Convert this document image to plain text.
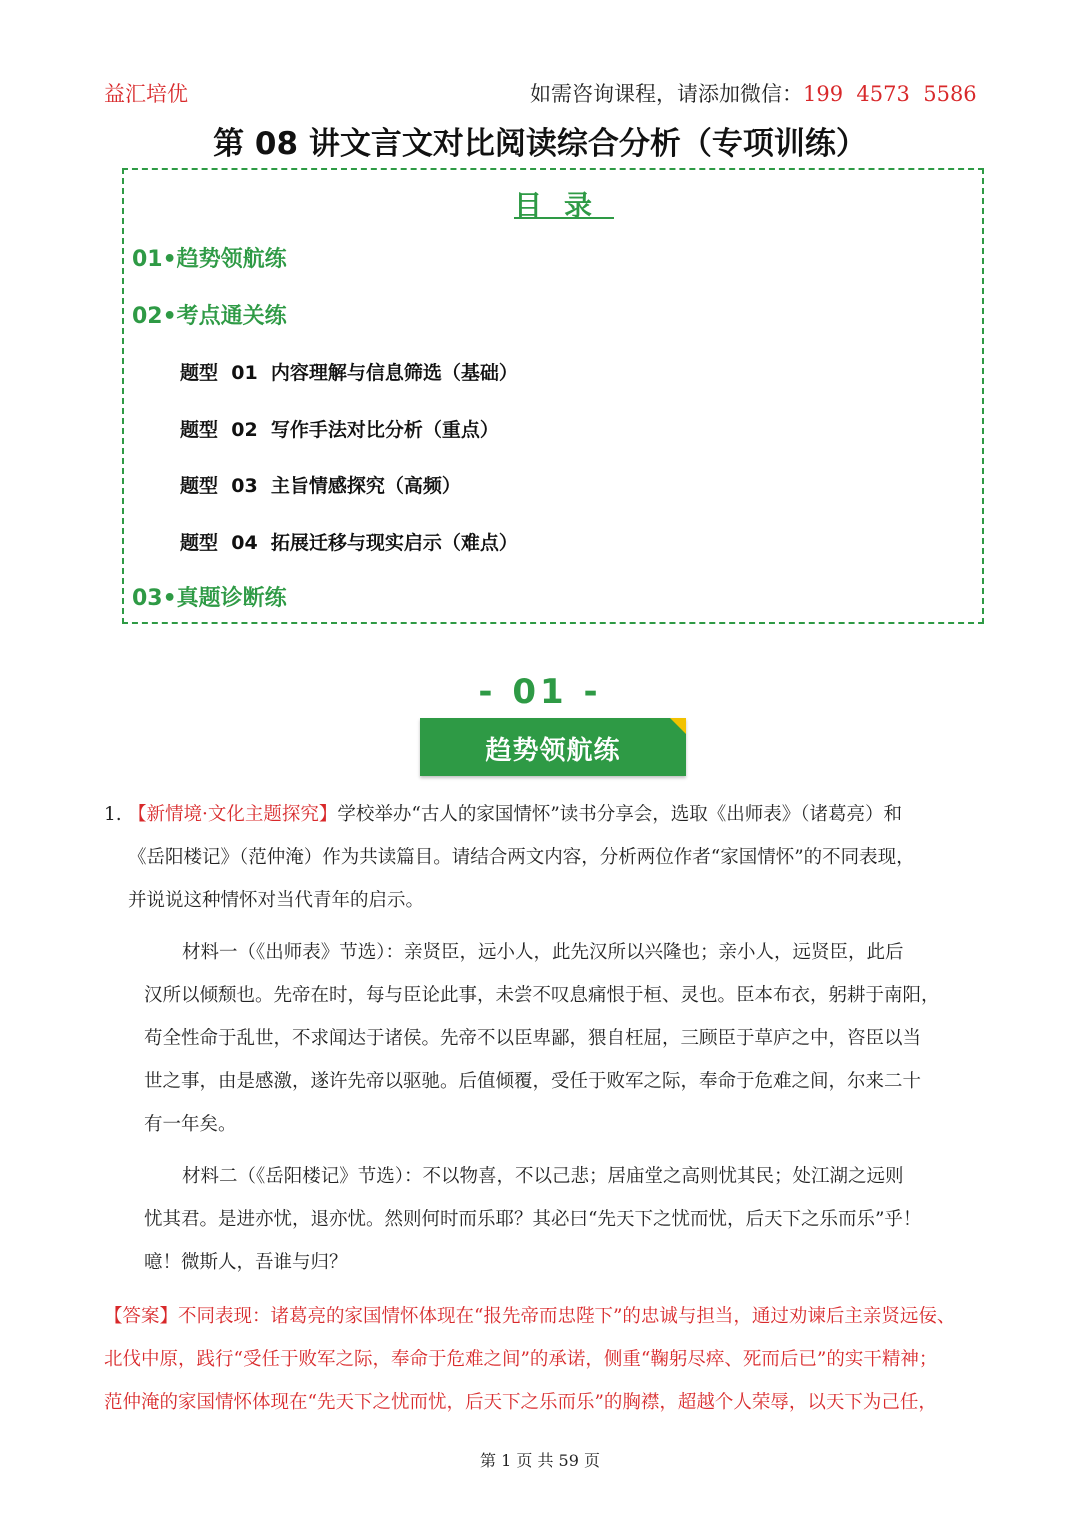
益汇培优	如需咨询课程，请添加微信：199  4573  5586
第 08 讲文言文对比阅读综合分析（专项训练）
目录
01•趋势领航练
02•考点通关练
题型  01  内容理解与信息筛选（基础）
题型  02  写作手法对比分析（重点）
题型  03  主旨情感探究（高频）
题型  04  拓展迁移与现实启示（难点）
03•真题诊断练
- 01 -
趋势领航练
1. 【新情境·文化主题探究】学校举办“古人的家国情怀”读书分享会，选取《出师表》（诸葛亮）和
《岳阳楼记》（范仲淹）作为共读篇目。请结合两文内容，分析两位作者“家国情怀”的不同表现，
并说说这种情怀对当代青年的启示。
材料一（《出师表》节选）：亲贤臣，远小人，此先汉所以兴隆也；亲小人，远贤臣，此后
汉所以倾颓也。先帝在时，每与臣论此事，未尝不叹息痛恨于桓、灵也。臣本布衣，躬耕于南阳，
苟全性命于乱世，不求闻达于诸侯。先帝不以臣卑鄙，猥自枉屈，三顾臣于草庐之中，咨臣以当
世之事，由是感激，遂许先帝以驱驰。后值倾覆，受任于败军之际，奉命于危难之间，尔来二十
有一年矣。
材料二（《岳阳楼记》节选）：不以物喜，不以己悲；居庙堂之高则忧其民；处江湖之远则
忧其君。是进亦忧，退亦忧。然则何时而乐耶？其必曰“先天下之忧而忧，后天下之乐而乐”乎！
噫！微斯人，吾谁与归？
【答案】不同表现：诸葛亮的家国情怀体现在“报先帝而忠陛下”的忠诚与担当，通过劝谏后主亲贤远佞、
北伐中原，践行“受任于败军之际，奉命于危难之间”的承诺，侧重“鞠躬尽瘁、死而后已”的实干精神；
范仲淹的家国情怀体现在“先天下之忧而忧，后天下之乐而乐”的胸襟，超越个人荣辱，以天下为己任，
第 1 页 共 59 页
